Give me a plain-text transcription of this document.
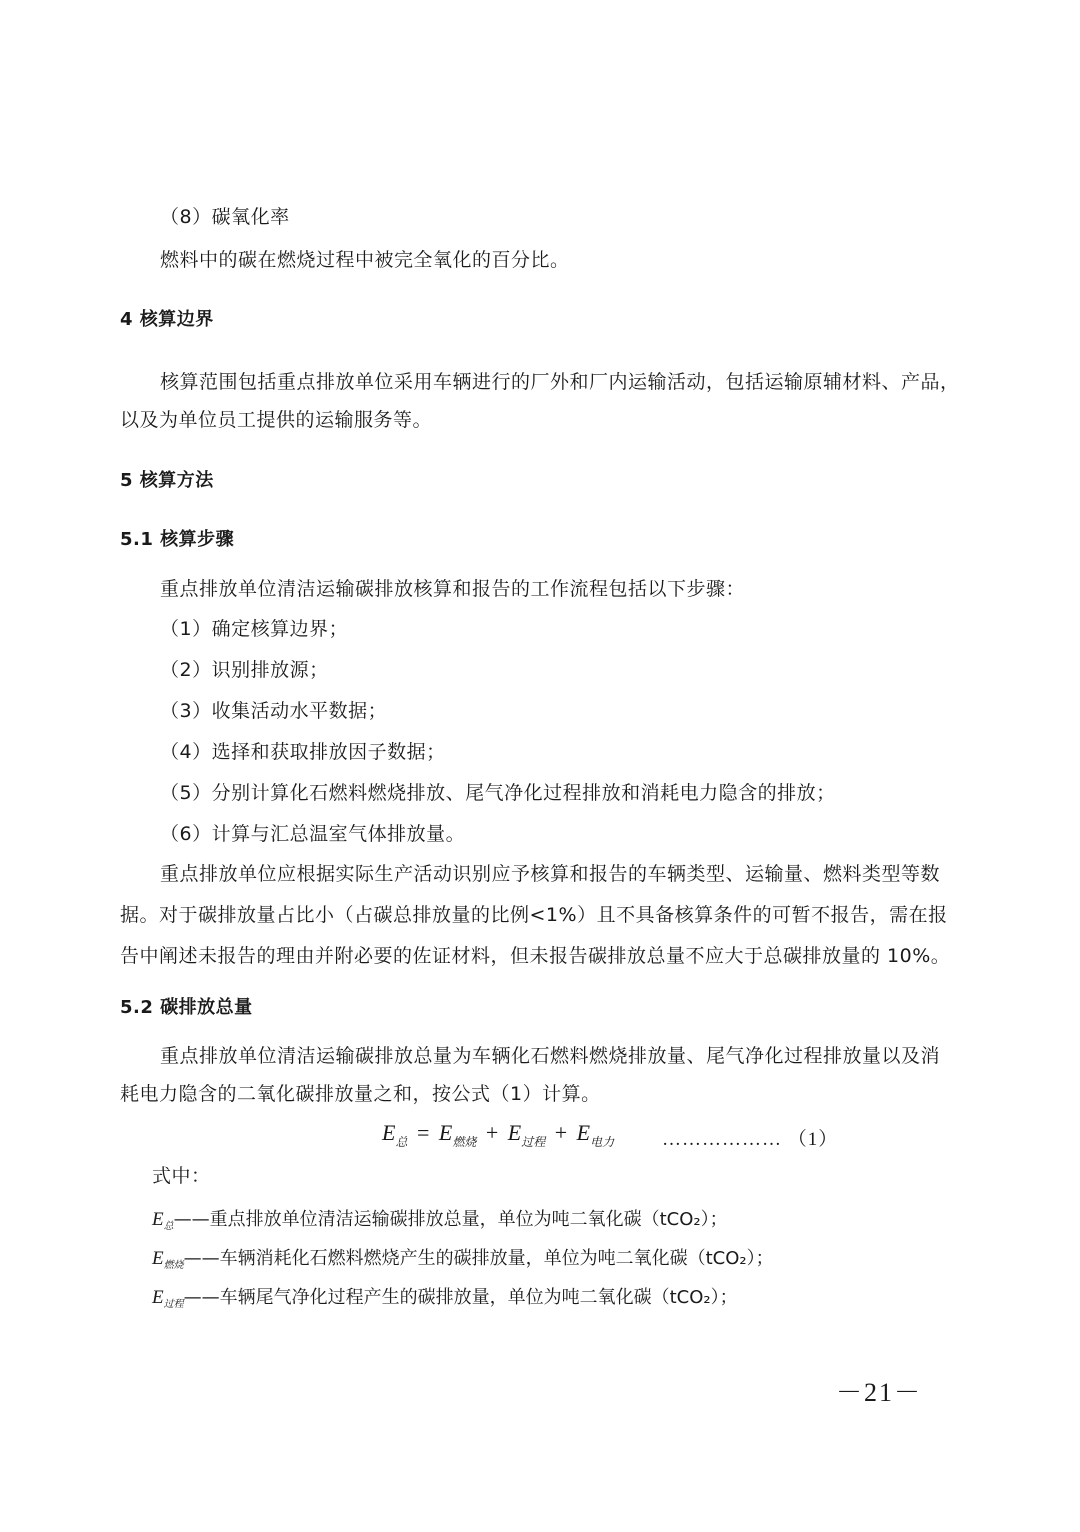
（8）碳氧化率
燃料中的碳在燃烧过程中被完全氧化的百分比。
4 核算边界
核算范围包括重点排放单位采用车辆进行的厂外和厂内运输活动，包括运输原辅材料、产品，
以及为单位员工提供的运输服务等。
5 核算方法
5.1 核算步骤
重点排放单位清洁运输碳排放核算和报告的工作流程包括以下步骤：
（1）确定核算边界；
（2）识别排放源；
（3）收集活动水平数据；
（4）选择和获取排放因子数据；
（5）分别计算化石燃料燃烧排放、尾气净化过程排放和消耗电力隐含的排放；
（6）计算与汇总温室气体排放量。
重点排放单位应根据实际生产活动识别应予核算和报告的车辆类型、运输量、燃料类型等数
据。对于碳排放量占比小（占碳总排放量的比例<1%）且不具备核算条件的可暂不报告，需在报
告中阐述未报告的理由并附必要的佐证材料，但未报告碳排放总量不应大于总碳排放量的 10%。
5.2 碳排放总量
重点排放单位清洁运输碳排放总量为车辆化石燃料燃烧排放量、尾气净化过程排放量以及消
耗电力隐含的二氧化碳排放量之和，按公式（1）计算。
$E_总 = E_{燃烧} + E_{过程} + E_{电力}$	……………… （1）
式中：
$E_总——$重点排放单位清洁运输碳排放总量，单位为吨二氧化碳（tCO₂）；
$E_{燃烧}——$车辆消耗化石燃料燃烧产生的碳排放量，单位为吨二氧化碳（tCO₂）；
$E_{过程}——$车辆尾气净化过程产生的碳排放量，单位为吨二氧化碳（tCO₂）；
－21－
